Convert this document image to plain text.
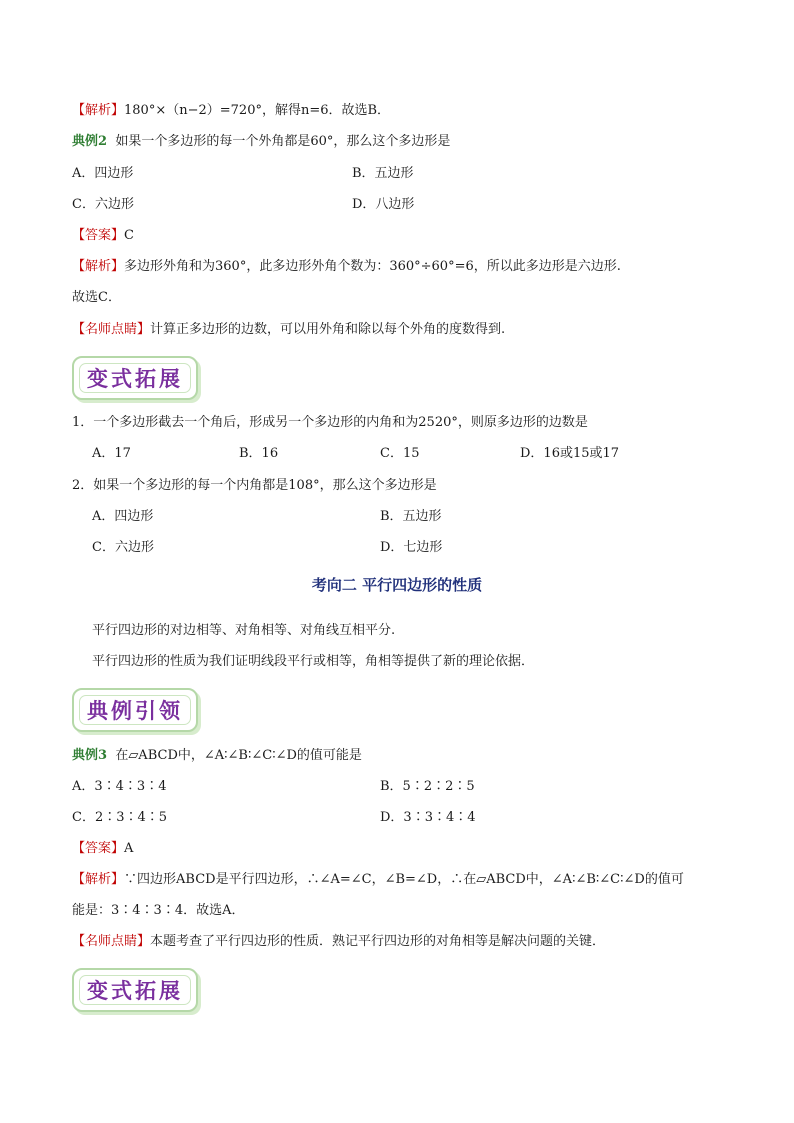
【解析】180°×（n−2）=720°，解得n=6．故选B．
典例2 如果一个多边形的每一个外角都是60°，那么这个多边形是
A．四边形	B．五边形
C．六边形	D．八边形
【答案】C
【解析】多边形外角和为360°，此多边形外角个数为：360°÷60°=6，所以此多边形是六边形.
故选C．
【名师点睛】计算正多边形的边数，可以用外角和除以每个外角的度数得到.
变式拓展
1．一个多边形截去一个角后，形成另一个多边形的内角和为2520°，则原多边形的边数是
A．17	B．16	C．15	D．16或15或17
2．如果一个多边形的每一个内角都是108°，那么这个多边形是
A．四边形	B．五边形
C．六边形	D．七边形
考向二 平行四边形的性质
平行四边形的对边相等、对角相等、对角线互相平分.
平行四边形的性质为我们证明线段平行或相等，角相等提供了新的理论依据．
典例引领
典例3 在▱ABCD中，∠A∶∠B∶∠C∶∠D的值可能是
A．3∶4∶3∶4	B．5∶2∶2∶5
C．2∶3∶4∶5	D．3∶3∶4∶4
【答案】A
【解析】∵四边形ABCD是平行四边形，∴∠A=∠C，∠B=∠D，∴在▱ABCD中，∠A∶∠B∶∠C∶∠D的值可
能是：3∶4∶3∶4．故选A．
【名师点睛】本题考查了平行四边形的性质．熟记平行四边形的对角相等是解决问题的关键．
变式拓展
